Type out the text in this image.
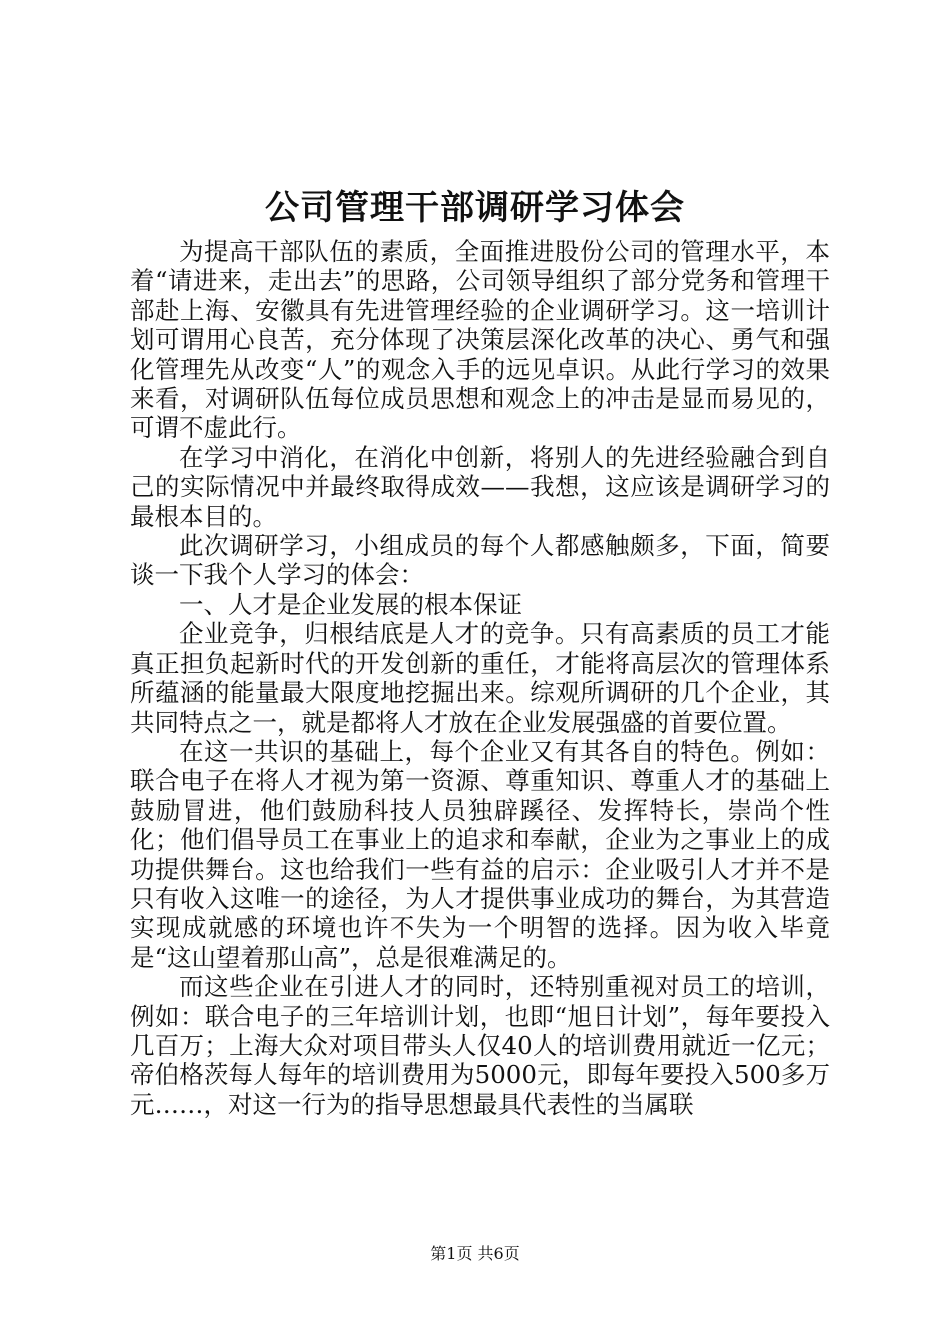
公司管理干部调研学习体会

为提高干部队伍的素质，全面推进股份公司的管理水平，本着“请进来，走出去”的思路，公司领导组织了部分党务和管理干部赴上海、安徽具有先进管理经验的企业调研学习。这一培训计划可谓用心良苦，充分体现了决策层深化改革的决心、勇气和强化管理先从改变“人”的观念入手的远见卓识。从此行学习的效果来看，对调研队伍每位成员思想和观念上的冲击是显而易见的，可谓不虚此行。

在学习中消化，在消化中创新，将别人的先进经验融合到自己的实际情况中并最终取得成效——我想，这应该是调研学习的最根本目的。

此次调研学习，小组成员的每个人都感触颇多，下面，简要谈一下我个人学习的体会：

一、人才是企业发展的根本保证

企业竞争，归根结底是人才的竞争。只有高素质的员工才能真正担负起新时代的开发创新的重任，才能将高层次的管理体系所蕴涵的能量最大限度地挖掘出来。综观所调研的几个企业，其共同特点之一，就是都将人才放在企业发展强盛的首要位置。

在这一共识的基础上，每个企业又有其各自的特色。例如：联合电子在将人才视为第一资源、尊重知识、尊重人才的基础上鼓励冒进，他们鼓励科技人员独辟蹊径、发挥特长，崇尚个性化；他们倡导员工在事业上的追求和奉献，企业为之事业上的成功提供舞台。这也给我们一些有益的启示：企业吸引人才并不是只有收入这唯一的途径，为人才提供事业成功的舞台，为其营造实现成就感的环境也许不失为一个明智的选择。因为收入毕竟是“这山望着那山高”，总是很难满足的。

而这些企业在引进人才的同时，还特别重视对员工的培训，例如：联合电子的三年培训计划，也即“旭日计划”，每年要投入几百万；上海大众对项目带头人仅40人的培训费用就近一亿元；帝伯格茨每人每年的培训费用为5000元，即每年要投入500多万元……，对这一行为的指导思想最具代表性的当属联

第1页 共6页
